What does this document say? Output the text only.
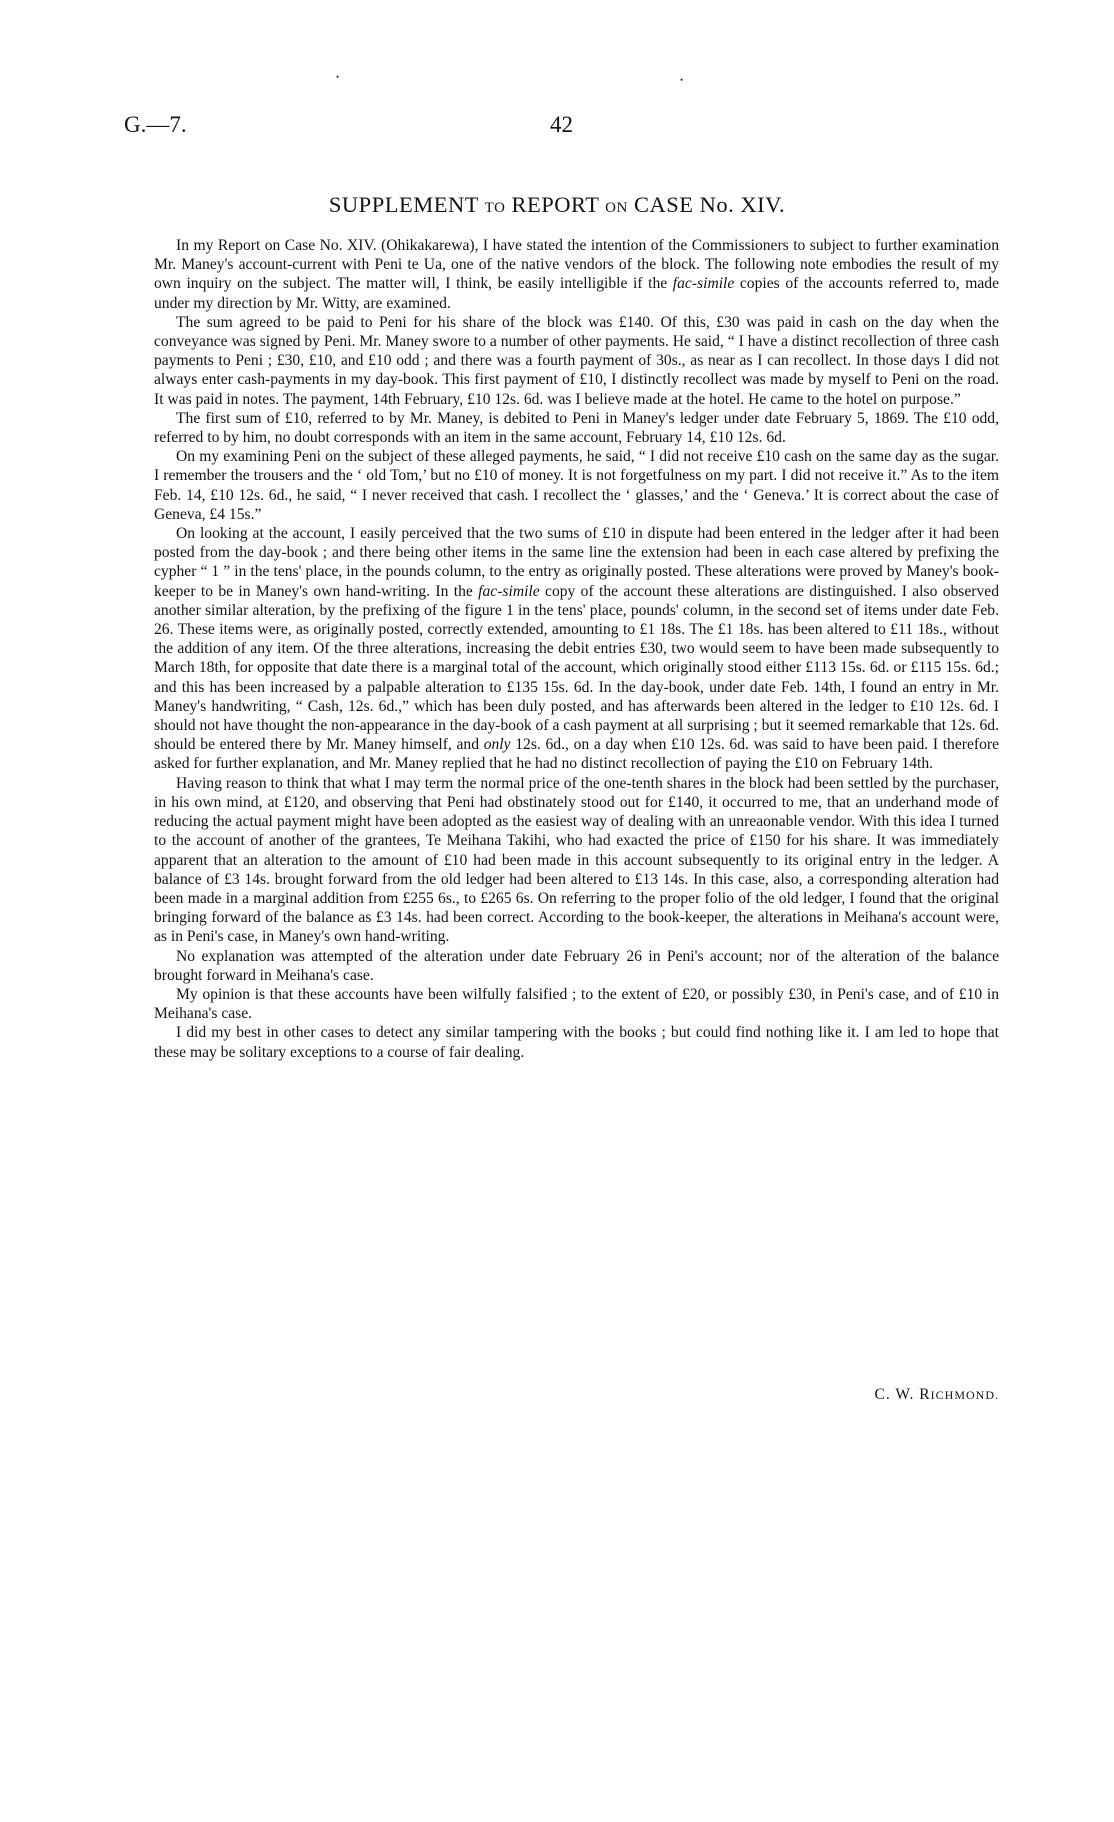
•	•
G.—7.	42
SUPPLEMENT TO REPORT ON CASE No. XIV.

In my Report on Case No. XIV. (Ohikakarewa), I have stated the intention of the Commissioners to subject to further examination Mr. Maney's account-current with Peni te Ua, one of the native vendors of the block. The following note embodies the result of my own inquiry on the subject. The matter will, I think, be easily intelligible if the fac-simile copies of the accounts referred to, made under my direction by Mr. Witty, are examined.

The sum agreed to be paid to Peni for his share of the block was £140. Of this, £30 was paid in cash on the day when the conveyance was signed by Peni. Mr. Maney swore to a number of other payments. He said, “ I have a distinct recollection of three cash payments to Peni ; £30, £10, and £10 odd ; and there was a fourth payment of 30s., as near as I can recollect. In those days I did not always enter cash-payments in my day-book. This first payment of £10, I distinctly recollect was made by myself to Peni on the road. It was paid in notes. The payment, 14th February, £10 12s. 6d. was I believe made at the hotel. He came to the hotel on purpose.”

The first sum of £10, referred to by Mr. Maney, is debited to Peni in Maney's ledger under date February 5, 1869. The £10 odd, referred to by him, no doubt corresponds with an item in the same account, February 14, £10 12s. 6d.

On my examining Peni on the subject of these alleged payments, he said, “ I did not receive £10 cash on the same day as the sugar. I remember the trousers and the ‘ old Tom,’ but no £10 of money. It is not forgetfulness on my part. I did not receive it.” As to the item Feb. 14, £10 12s. 6d., he said, “ I never received that cash. I recollect the ‘ glasses,’ and the ‘ Geneva.’ It is correct about the case of Geneva, £4 15s.”

On looking at the account, I easily perceived that the two sums of £10 in dispute had been entered in the ledger after it had been posted from the day-book ; and there being other items in the same line the extension had been in each case altered by prefixing the cypher “ 1 ” in the tens' place, in the pounds column, to the entry as originally posted. These alterations were proved by Maney's book-keeper to be in Maney's own hand-writing. In the fac-simile copy of the account these alterations are distinguished. I also observed another similar alteration, by the prefixing of the figure 1 in the tens' place, pounds' column, in the second set of items under date Feb. 26. These items were, as originally posted, correctly extended, amounting to £1 18s. The £1 18s. has been altered to £11 18s., without the addition of any item. Of the three alterations, increasing the debit entries £30, two would seem to have been made subsequently to March 18th, for opposite that date there is a marginal total of the account, which originally stood either £113 15s. 6d. or £115 15s. 6d.; and this has been increased by a palpable alteration to £135 15s. 6d. In the day-book, under date Feb. 14th, I found an entry in Mr. Maney's handwriting, “ Cash, 12s. 6d.,” which has been duly posted, and has afterwards been altered in the ledger to £10 12s. 6d. I should not have thought the non-appearance in the day-book of a cash payment at all surprising ; but it seemed remarkable that 12s. 6d. should be entered there by Mr. Maney himself, and only 12s. 6d., on a day when £10 12s. 6d. was said to have been paid. I therefore asked for further explanation, and Mr. Maney replied that he had no distinct recollection of paying the £10 on February 14th.

Having reason to think that what I may term the normal price of the one-tenth shares in the block had been settled by the purchaser, in his own mind, at £120, and observing that Peni had obstinately stood out for £140, it occurred to me, that an underhand mode of reducing the actual payment might have been adopted as the easiest way of dealing with an unreaonable vendor. With this idea I turned to the account of another of the grantees, Te Meihana Takihi, who had exacted the price of £150 for his share. It was immediately apparent that an alteration to the amount of £10 had been made in this account subsequently to its original entry in the ledger. A balance of £3 14s. brought forward from the old ledger had been altered to £13 14s. In this case, also, a corresponding alteration had been made in a marginal addition from £255 6s., to £265 6s. On referring to the proper folio of the old ledger, I found that the original bringing forward of the balance as £3 14s. had been correct. According to the book-keeper, the alterations in Meihana's account were, as in Peni's case, in Maney's own hand-writing.

No explanation was attempted of the alteration under date February 26 in Peni's account; nor of the alteration of the balance brought forward in Meihana's case.

My opinion is that these accounts have been wilfully falsified ; to the extent of £20, or possibly £30, in Peni's case, and of £10 in Meihana's case.

I did my best in other cases to detect any similar tampering with the books ; but could find nothing like it. I am led to hope that these may be solitary exceptions to a course of fair dealing.

C. W. RICHMOND.
